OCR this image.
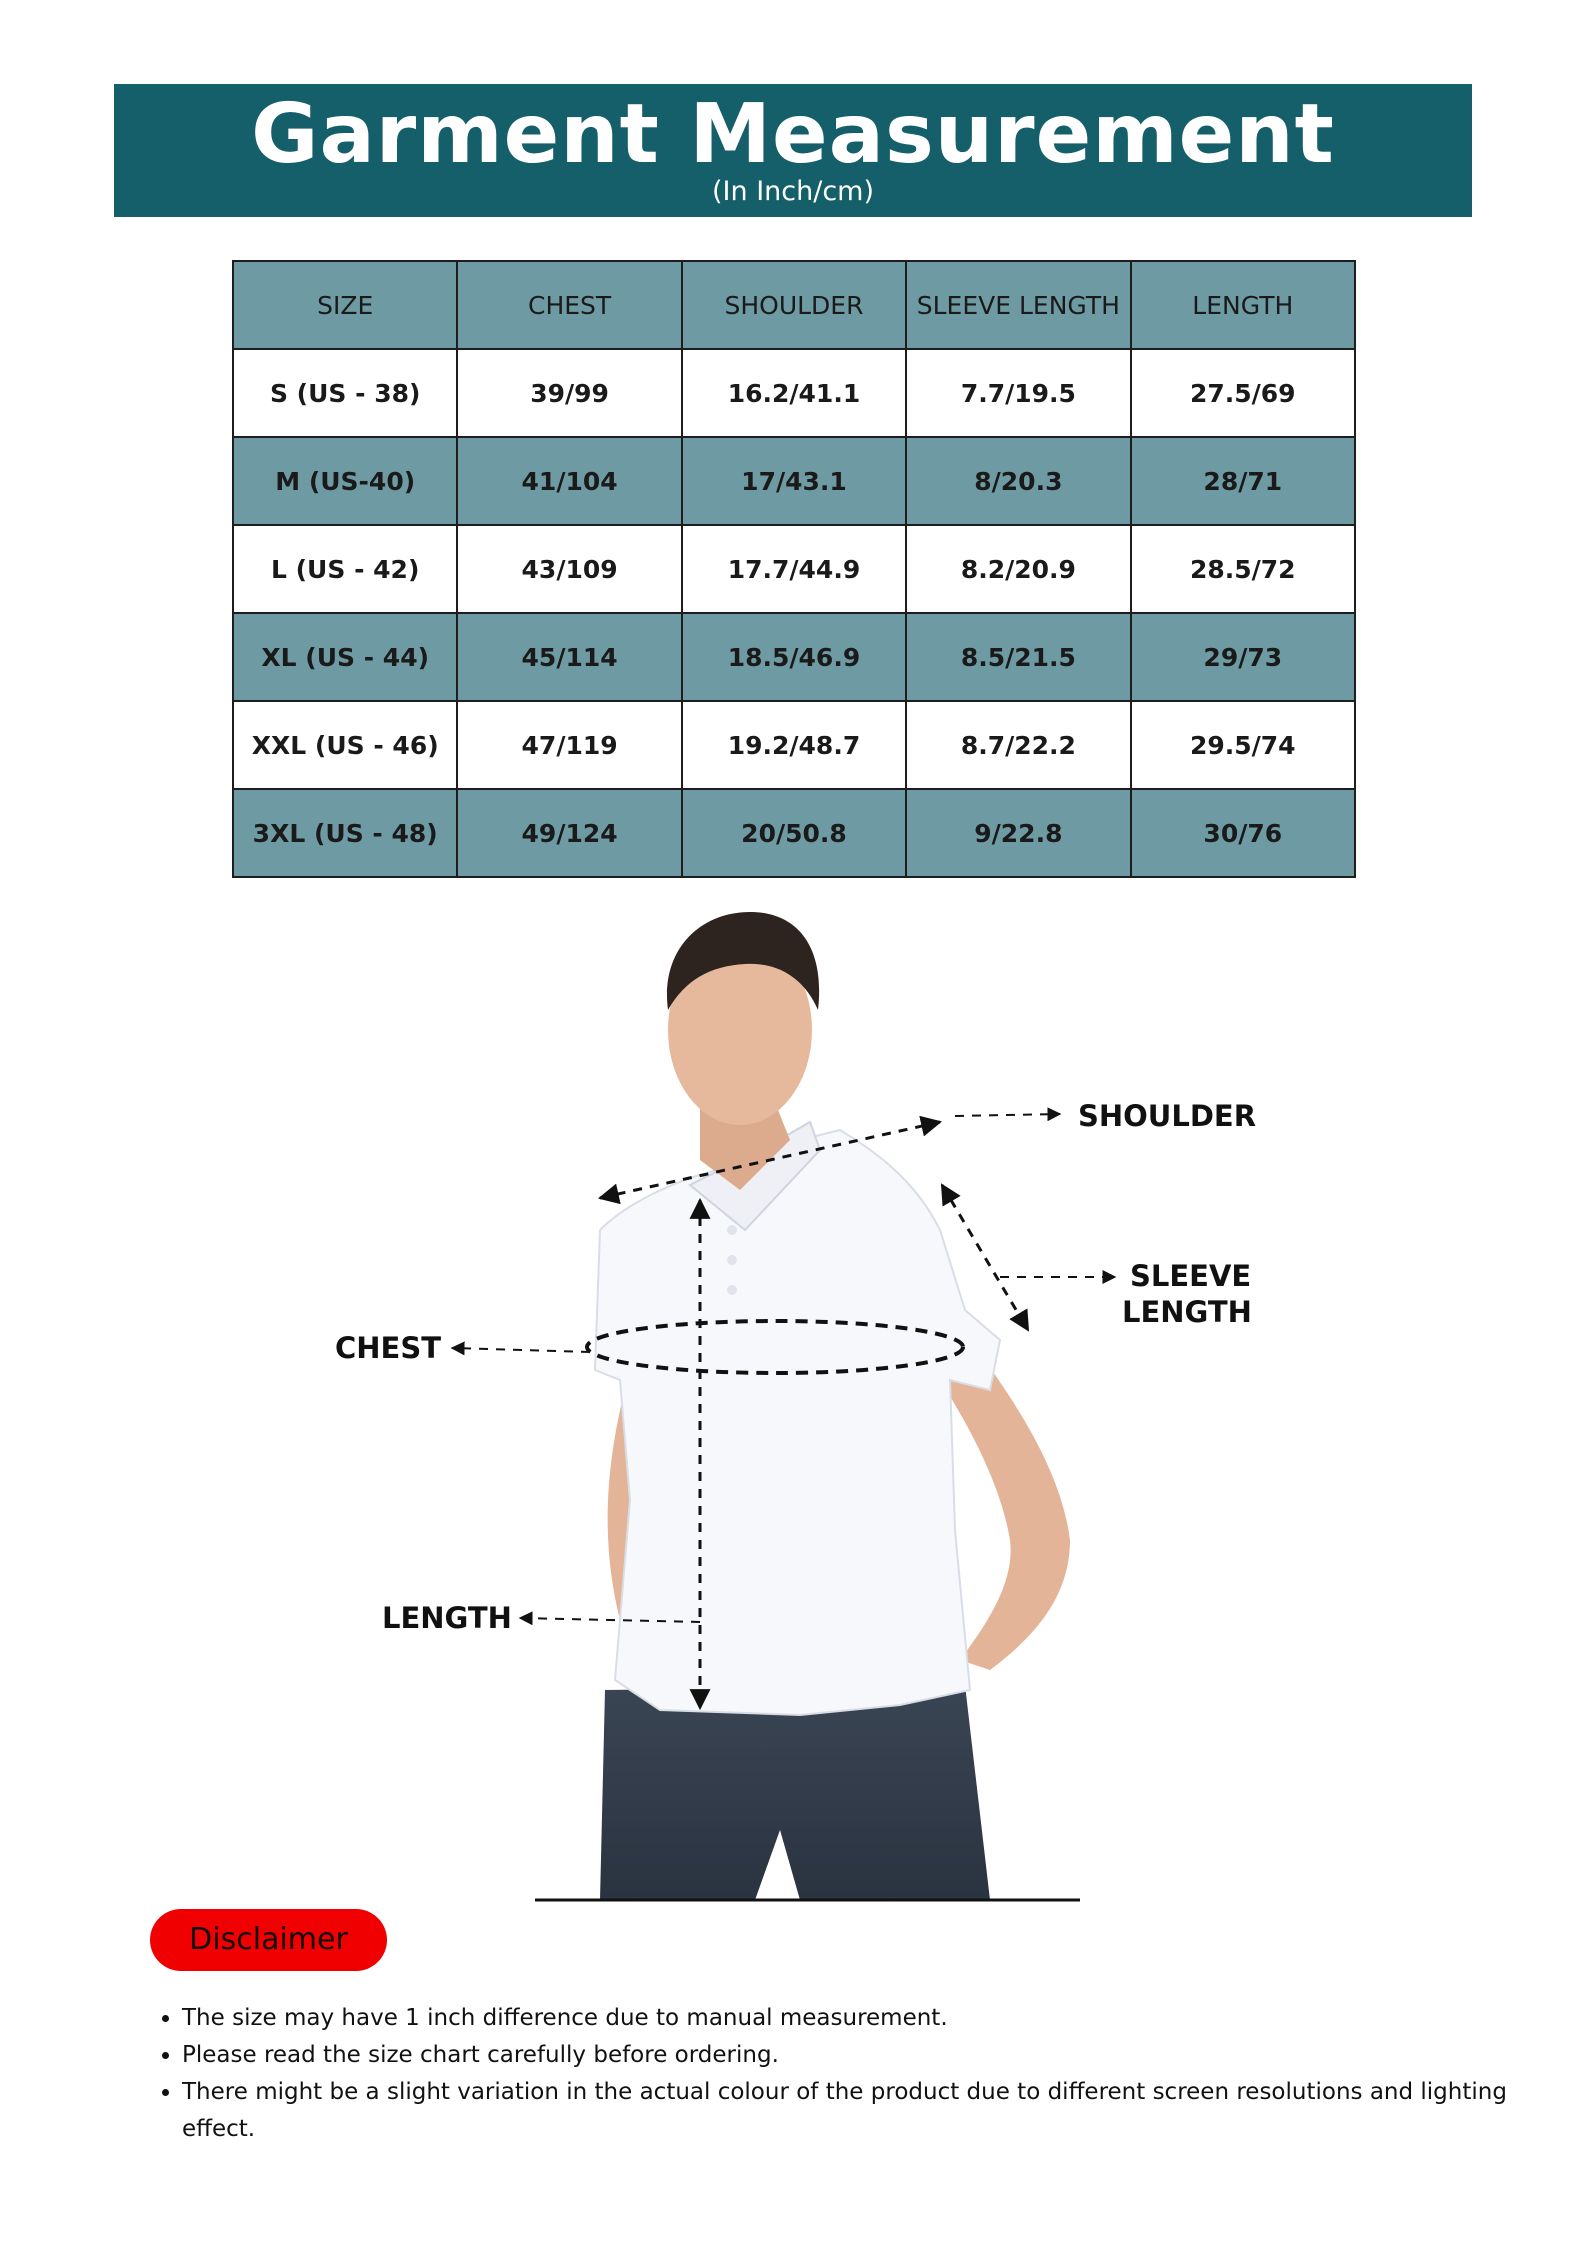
Garment Measurement
(In Inch/cm)
SIZE	CHEST	SHOULDER	SLEEVE LENGTH	LENGTH
S (US - 38)	39/99	16.2/41.1	7.7/19.5	27.5/69
M (US-40)	41/104	17/43.1	8/20.3	28/71
L (US - 42)	43/109	17.7/44.9	8.2/20.9	28.5/72
XL (US - 44)	45/114	18.5/46.9	8.5/21.5	29/73
XXL (US - 46)	47/119	19.2/48.7	8.7/22.2	29.5/74
3XL (US - 48)	49/124	20/50.8	9/22.8	30/76
SHOULDER
SLEEVE
LENGTH
CHEST
LENGTH
Disclaimer
• The size may have 1 inch difference due to manual measurement.
• Please read the size chart carefully before ordering.
• There might be a slight variation in the actual colour of the product due to different screen resolutions and lighting effect.
